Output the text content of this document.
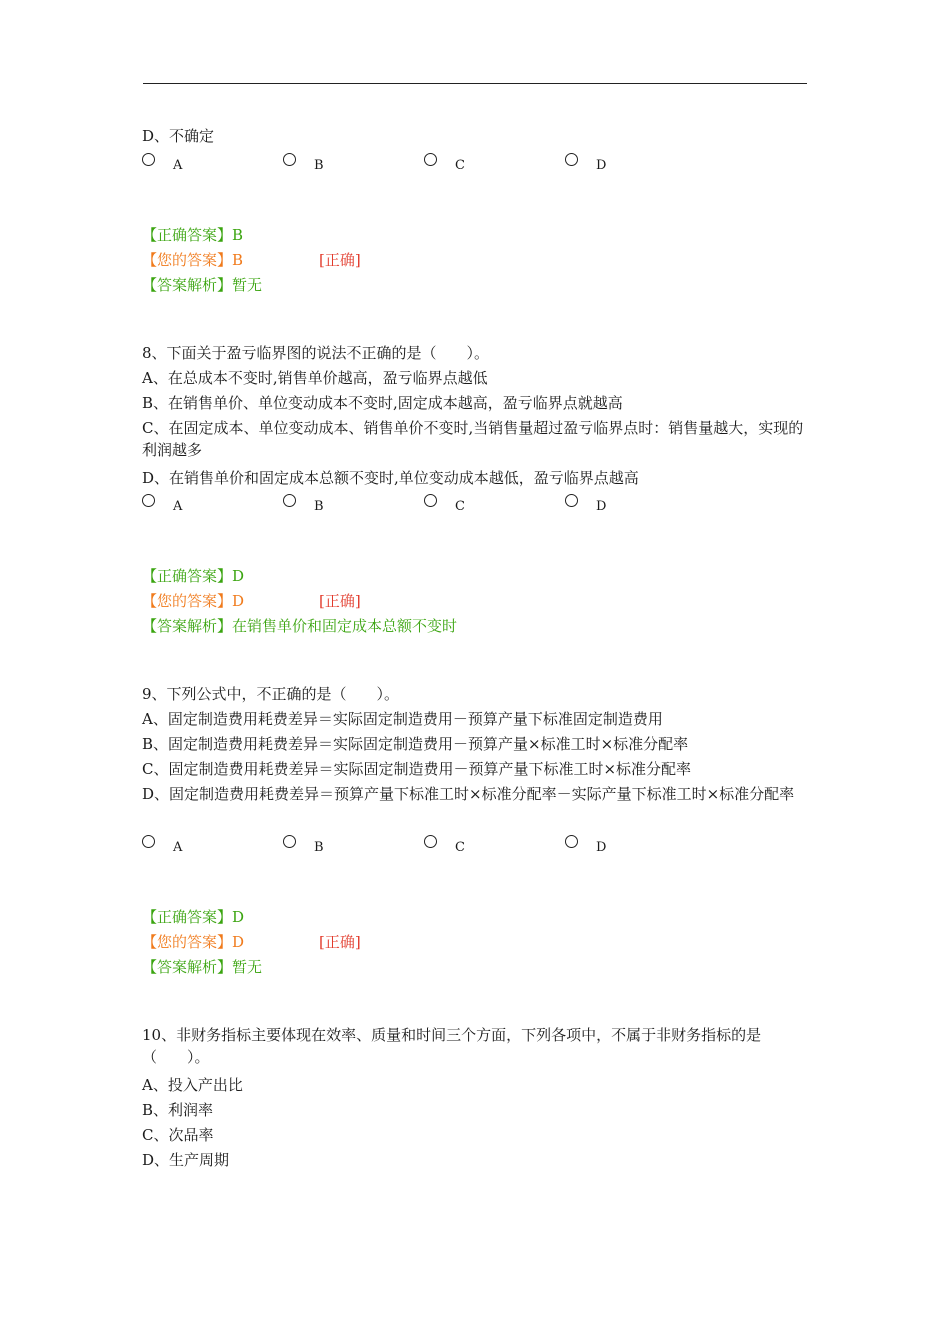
D、不确定
A	B	C	D
【正确答案】B
【您的答案】B	[正确]
【答案解析】暂无
8、下面关于盈亏临界图的说法不正确的是（　　）。
A、在总成本不变时,销售单价越高，盈亏临界点越低
B、在销售单价、单位变动成本不变时,固定成本越高，盈亏临界点就越高
C、在固定成本、单位变动成本、销售单价不变时,当销售量超过盈亏临界点时：销售量越大，实现的利润越多
D、在销售单价和固定成本总额不变时,单位变动成本越低，盈亏临界点越高
A	B	C	D
【正确答案】D
【您的答案】D	[正确]
【答案解析】在销售单价和固定成本总额不变时
9、下列公式中，不正确的是（　　）。
A、固定制造费用耗费差异＝实际固定制造费用－预算产量下标准固定制造费用
B、固定制造费用耗费差异＝实际固定制造费用－预算产量×标准工时×标准分配率
C、固定制造费用耗费差异＝实际固定制造费用－预算产量下标准工时×标准分配率
D、固定制造费用耗费差异＝预算产量下标准工时×标准分配率－实际产量下标准工时×标准分配率
A	B	C	D
【正确答案】D
【您的答案】D	[正确]
【答案解析】暂无
10、非财务指标主要体现在效率、质量和时间三个方面，下列各项中，不属于非财务指标的是（　　）。
A、投入产出比
B、利润率
C、次品率
D、生产周期
